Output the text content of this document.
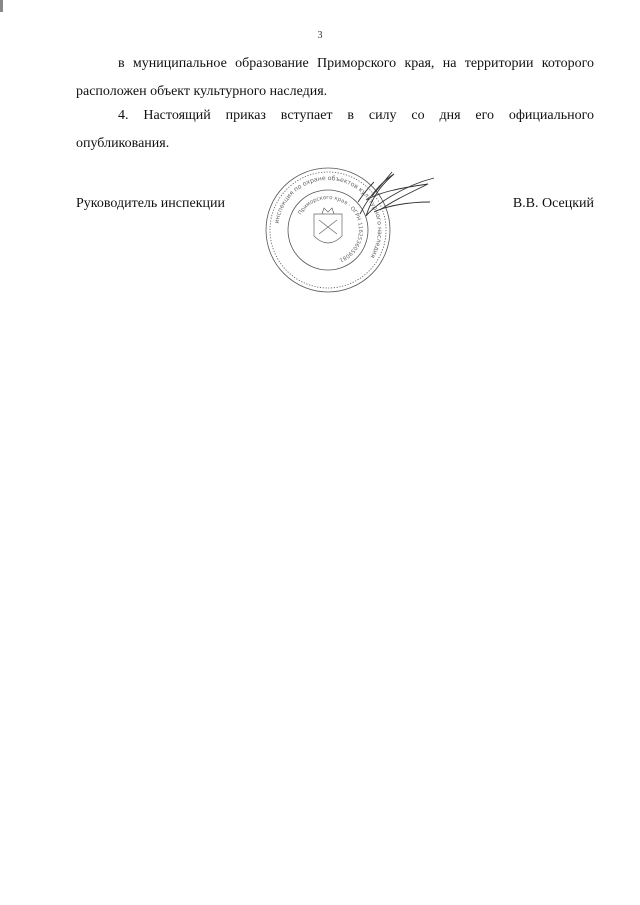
3
в муниципальное образование Приморского края, на территории которого
расположен объект культурного наследия.
4. Настоящий приказ вступает в силу со дня его официального
опубликования.
Руководитель инспекции	В.В. Осецкий
инспекция по охране объектов культурного наследия
Приморского края · ОГРН 1162536059081
